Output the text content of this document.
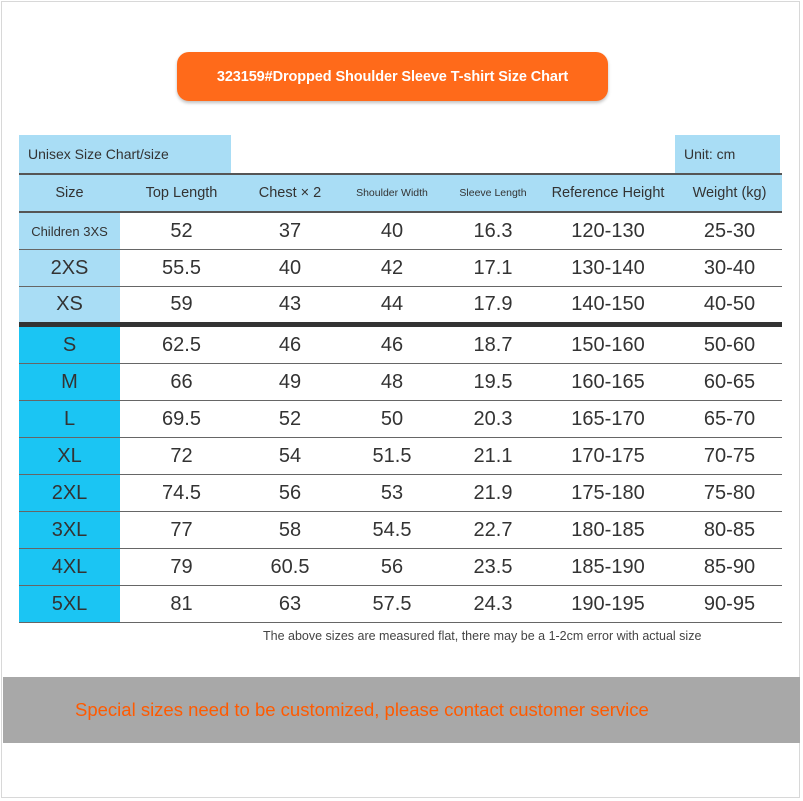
323159#Dropped Shoulder Sleeve T-shirt Size Chart
Unisex Size Chart/size	Unit: cm
Size	Top Length	Chest × 2	Shoulder Width	Sleeve Length	Reference Height	Weight (kg)
Children 3XS	52	37	40	16.3	120-130	25-30
2XS	55.5	40	42	17.1	130-140	30-40
XS	59	43	44	17.9	140-150	40-50
S	62.5	46	46	18.7	150-160	50-60
M	66	49	48	19.5	160-165	60-65
L	69.5	52	50	20.3	165-170	65-70
XL	72	54	51.5	21.1	170-175	70-75
2XL	74.5	56	53	21.9	175-180	75-80
3XL	77	58	54.5	22.7	180-185	80-85
4XL	79	60.5	56	23.5	185-190	85-90
5XL	81	63	57.5	24.3	190-195	90-95
The above sizes are measured flat, there may be a 1-2cm error with actual size
Special sizes need to be customized, please contact customer service
